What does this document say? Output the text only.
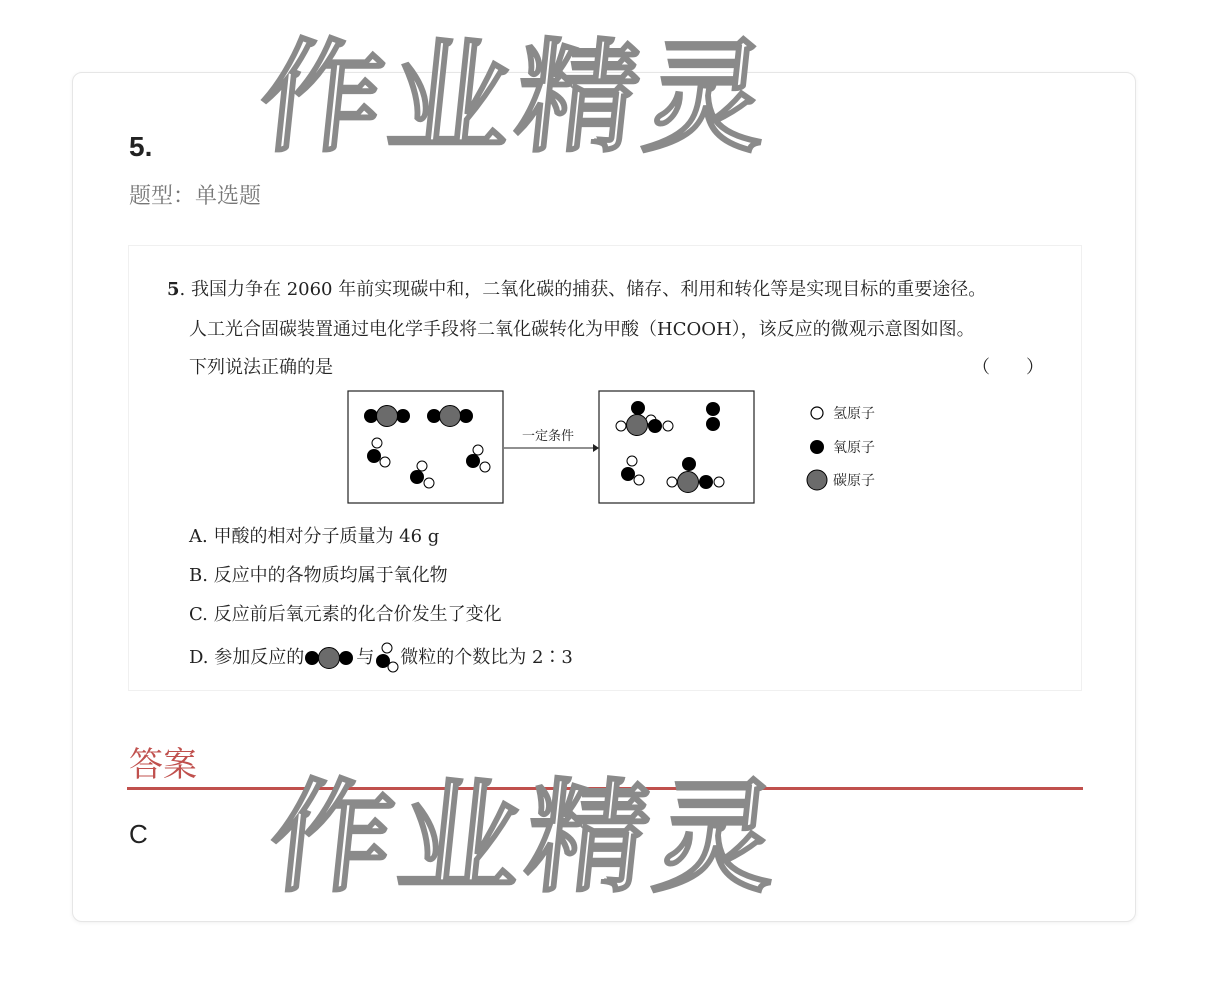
5.
题型：单选题
5. 我国力争在 2060 年前实现碳中和，二氧化碳的捕获、储存、利用和转化等是实现目标的重要途径。
人工光合固碳装置通过电化学手段将二氧化碳转化为甲酸（HCOOH），该反应的微观示意图如图。
下列说法正确的是	（　　）
一定条件
氢原子
氧原子
碳原子
A. 甲酸的相对分子质量为 46 g
B. 反应中的各物质均属于氧化物
C. 反应前后氧元素的化合价发生了变化
D. 参加反应的	与 微粒的个数比为 2∶3
答案
C
作业精灵
作业精灵
